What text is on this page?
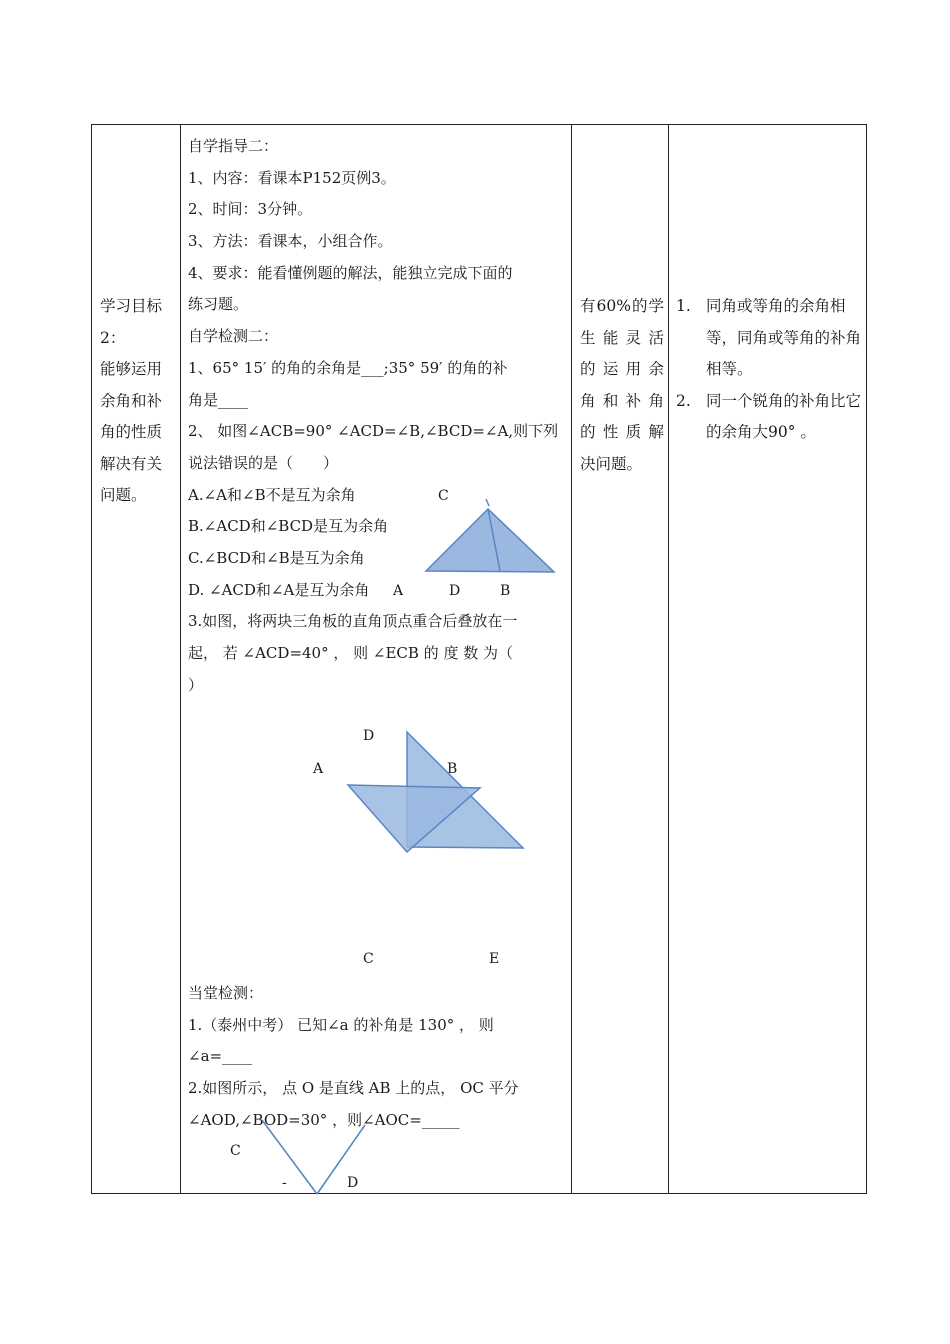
学习目标
2：
能够运用
余角和补
角的性质
解决有关
问题。
自学指导二：
1、内容：看课本P152页例3。
2、时间：3分钟。
3、方法：看课本，小组合作。
4、要求：能看懂例题的解法，能独立完成下面的
练习题。
自学检测二：
1、65° 15′ 的角的余角是___;35° 59′ 的角的补
角是____
2、 如图∠ACB=90° ∠ACD=∠B,∠BCD=∠A,则下列
说法错误的是（　　）
A.∠A和∠B不是互为余角
B.∠ACD和∠BCD是互为余角
C.∠BCD和∠B是互为余角
D. ∠ACD和∠A是互为余角
3.如图，将两块三角板的直角顶点重合后叠放在一
起， 若 ∠ACD=40° ， 则 ∠ECB 的 度 数 为（
）
C
A	D	B
D
A	B
C	E
当堂检测：
1.（泰州中考） 已知∠a 的补角是 130° ， 则
∠a=____
2.如图所示， 点 O 是直线 AB 上的点， OC 平分
∠AOD,∠BOD=30° ，则∠AOC=_____
C
-	D
有60%的学
生能灵活
的运用余
角和补角
的性质解
决问题。
1. 同角或等角的余角相等，同角或等角的补角相等。
2. 同一个锐角的补角比它的余角大90° 。
